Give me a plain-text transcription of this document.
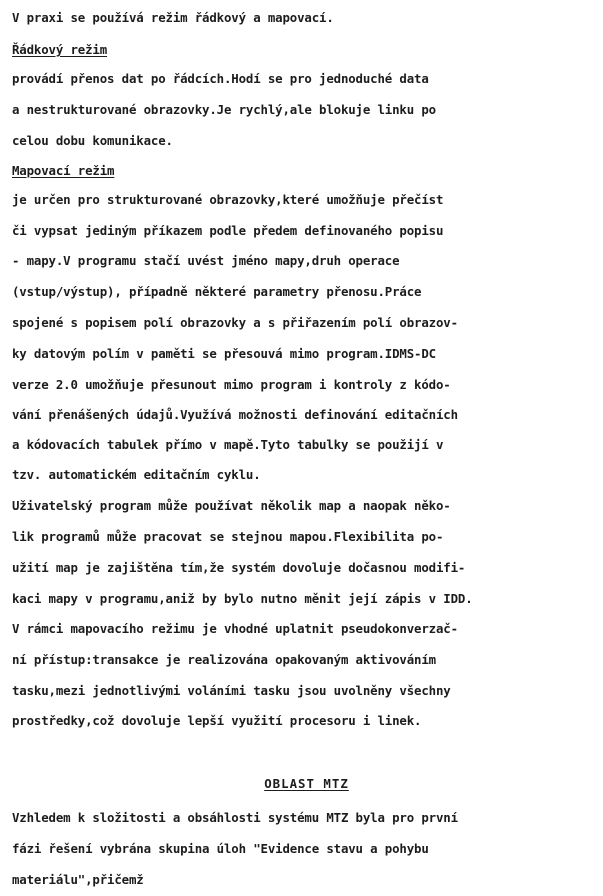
V praxi se používá režim řádkový a mapovací.

Řádkový režim

provádí přenos dat po řádcích.Hodí se pro jednoduché data

a nestrukturované obrazovky.Je rychlý,ale blokuje linku po

celou dobu komunikace.

Mapovací režim

je určen pro strukturované obrazovky,které umožňuje přečíst

či vypsat jediným příkazem podle předem definovaného popisu

- mapy.V programu stačí uvést jméno mapy,druh operace

(vstup/výstup), případně některé parametry přenosu.Práce

spojené s popisem polí obrazovky a s přiřazením polí obrazov-

ky datovým polím v paměti se přesouvá mimo program.IDMS-DC

verze 2.0 umožňuje přesunout mimo program i kontroly z kódo-

vání přenášených údajů.Využívá možnosti definování editačních

a kódovacích tabulek přímo v mapě.Tyto tabulky se použijí v

tzv. automatickém editačním cyklu.

Uživatelský program může používat několik map a naopak něko-

lik programů může pracovat se stejnou mapou.Flexibilita po-

užití map je zajištěna tím,že systém dovoluje dočasnou modifi-

kaci mapy v programu,aniž by bylo nutno měnit její zápis v IDD.

V rámci mapovacího režimu je vhodné uplatnit pseudokonverzač-

ní přístup:transakce je realizována opakovaným aktivováním

tasku,mezi jednotlivými voláními tasku jsou uvolněny všechny

prostředky,což dovoluje lepší využití procesoru i linek.

OBLAST MTZ

Vzhledem k složitosti a obsáhlosti systému MTZ byla pro první

fázi řešení vybrána skupina úloh "Evidence stavu a pohybu

materiálu",přičemž
